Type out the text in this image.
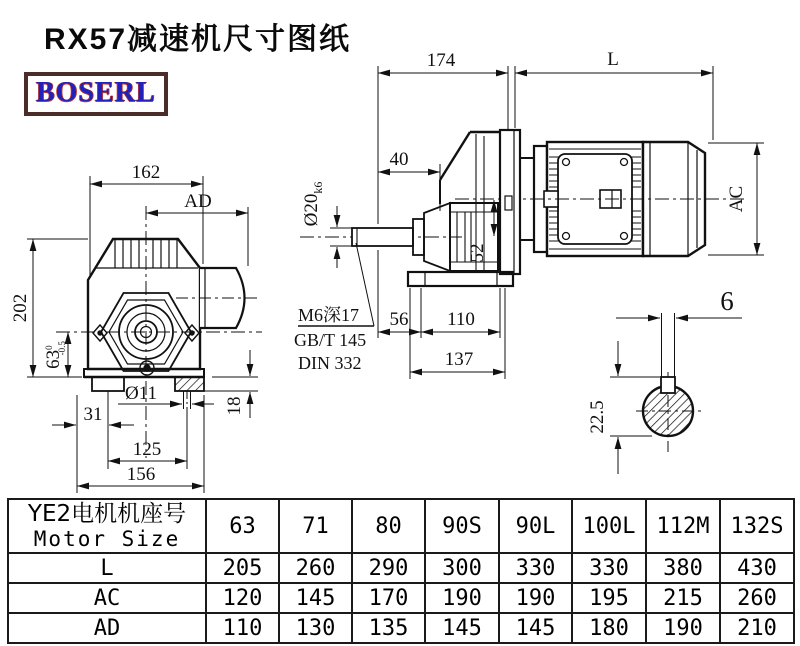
162
AD
202
$63^0$ -0.5
31
Ø11
125
156
18
174	L
40
$Ø20_{k6}$
52
56 110
137
AC
M6深17
GB/T 145
DIN 332
6
22.5
RX57减速机尺寸图纸
BOSERL
YE2电机机座号
Motor Size	63	71	80	90S	90L	100L	112M	132S
L	205	260	290	300	330	330	380	430
AC	120	145	170	190	190	195	215	260
AD	110	130	135	145	145	180	190	210
